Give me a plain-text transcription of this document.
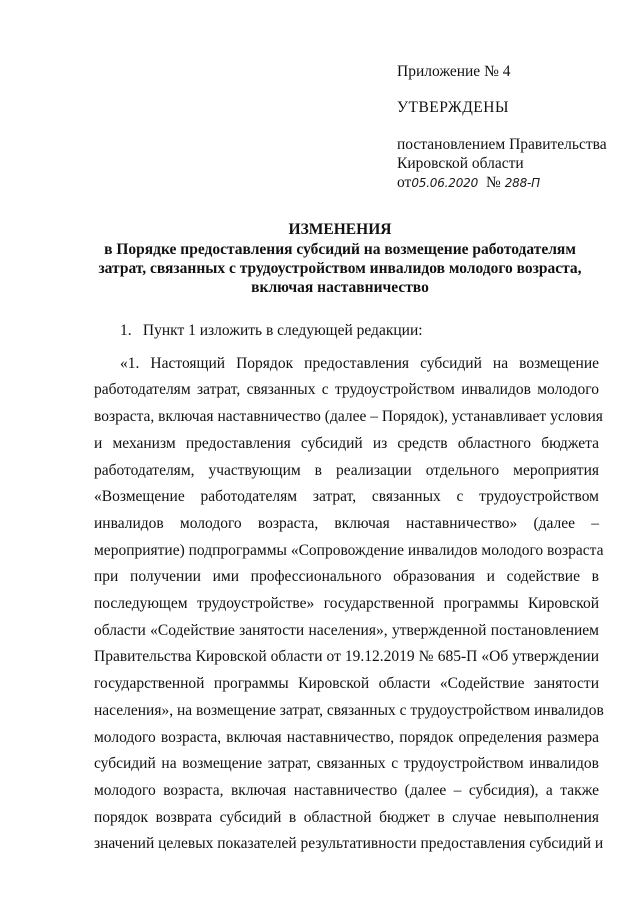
Приложение № 4
УТВЕРЖДЕНЫ
постановлением Правительства
Кировской области
от05.06.2020 № 288-П
ИЗМЕНЕНИЯ
в Порядке предоставления субсидий на возмещение работодателям
затрат, связанных с трудоустройством инвалидов молодого возраста,
включая наставничество

1. Пункт 1 изложить в следующей редакции:

«1. Настоящий Порядок предоставления субсидий на возмещение
работодателям затрат, связанных с трудоустройством инвалидов молодого
возраста, включая наставничество (далее – Порядок), устанавливает условия
и механизм предоставления субсидий из средств областного бюджета
работодателям, участвующим в реализации отдельного мероприятия
«Возмещение работодателям затрат, связанных с трудоустройством
инвалидов молодого возраста, включая наставничество» (далее –
мероприятие) подпрограммы «Сопровождение инвалидов молодого возраста
при получении ими профессионального образования и содействие в
последующем трудоустройстве» государственной программы Кировской
области «Содействие занятости населения», утвержденной постановлением
Правительства Кировской области от 19.12.2019 № 685-П «Об утверждении
государственной программы Кировской области «Содействие занятости
населения», на возмещение затрат, связанных с трудоустройством инвалидов
молодого возраста, включая наставничество, порядок определения размера
субсидий на возмещение затрат, связанных с трудоустройством инвалидов
молодого возраста, включая наставничество (далее – субсидия), а также
порядок возврата субсидий в областной бюджет в случае невыполнения
значений целевых показателей результативности предоставления субсидий и
